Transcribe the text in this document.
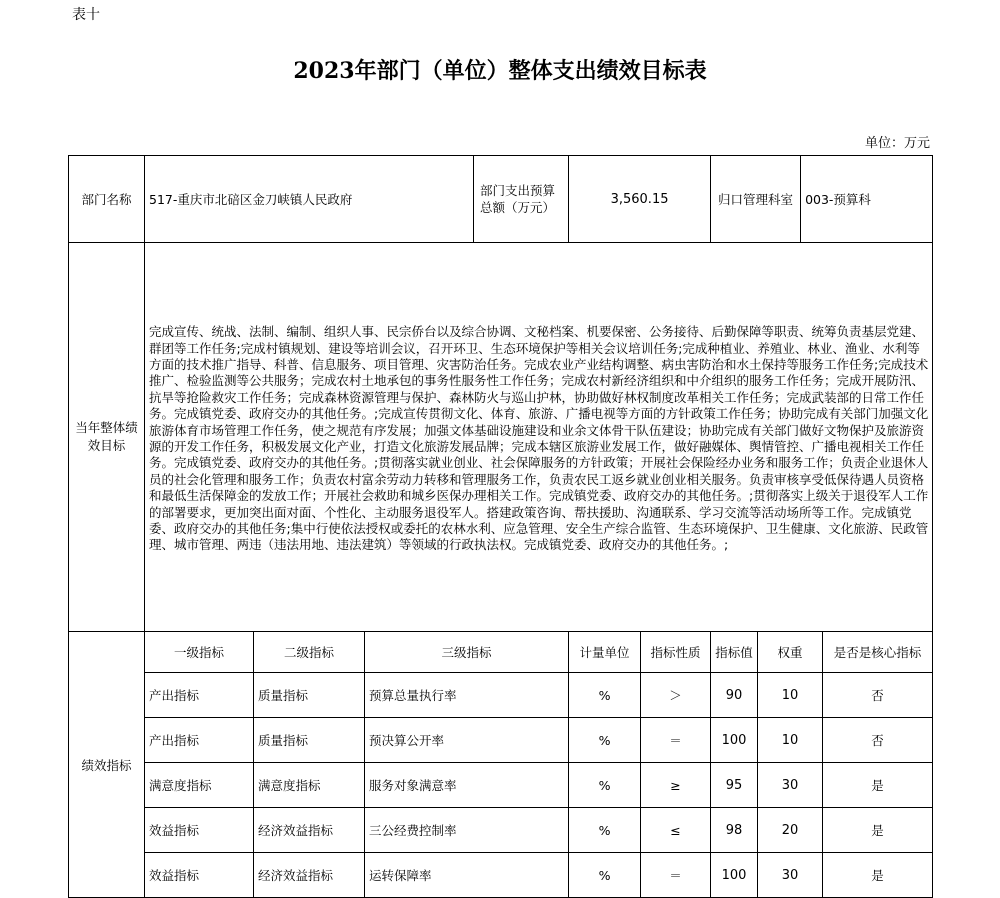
表十
2023年部门（单位）整体支出绩效目标表
单位：万元
部门名称	517-重庆市北碚区金刀峡镇人民政府			部门支出预算总额（万元）	3,560.15		归口管理科室		003-预算科	
当年整体绩效目标	完成宣传、统战、法制、编制、组织人事、民宗侨台以及综合协调、文秘档案、机要保密、公务接待、后勤保障等职责、统筹负责基层党建、群团等工作任务;完成村镇规划、建设等培训会议，召开环卫、生态环境保护等相关会议培训任务;完成种植业、养殖业、林业、渔业、水利等方面的技术推广指导、科普、信息服务、项目管理、灾害防治任务。完成农业产业结构调整、病虫害防治和水土保持等服务工作任务;完成技术推广、检验监测等公共服务；完成农村土地承包的事务性服务性工作任务；完成农村新经济组织和中介组织的服务工作任务；完成开展防汛、抗旱等抢险救灾工作任务；完成森林资源管理与保护、森林防火与巡山护林，协助做好林权制度改革相关工作任务；完成武装部的日常工作任务。完成镇党委、政府交办的其他任务。;完成宣传贯彻文化、体育、旅游、广播电视等方面的方针政策工作任务；协助完成有关部门加强文化旅游体育市场管理工作任务，使之规范有序发展；加强文体基础设施建设和业余文体骨干队伍建设；协助完成有关部门做好文物保护及旅游资源的开发工作任务，积极发展文化产业，打造文化旅游发展品牌；完成本辖区旅游业发展工作，做好融媒体、舆情管控、广播电视相关工作任务。完成镇党委、政府交办的其他任务。;贯彻落实就业创业、社会保障服务的方针政策；开展社会保险经办业务和服务工作；负责企业退休人员的社会化管理和服务工作；负责农村富余劳动力转移和管理服务工作，负责农民工返乡就业创业相关服务。负责审核享受低保待遇人员资格和最低生活保障金的发放工作；开展社会救助和城乡医保办理相关工作。完成镇党委、政府交办的其他任务。;贯彻落实上级关于退役军人工作的部署要求，更加突出面对面、个性化、主动服务退役军人。搭建政策咨询、帮扶援助、沟通联系、学习交流等活动场所等工作。完成镇党委、政府交办的其他任务;集中行使依法授权或委托的农林水利、应急管理、安全生产综合监管、生态环境保护、卫生健康、文化旅游、民政管理、城市管理、两违（违法用地、违法建筑）等领域的行政执法权。完成镇党委、政府交办的其他任务。;									
绩效指标	一级指标	二级指标	三级指标		计量单位	指标性质	指标值	权重		是否是核心指标
	产出指标	质量指标	预算总量执行率		%	＞	90	10		否
	产出指标	质量指标	预决算公开率		%	＝	100	10		否
	满意度指标	满意度指标	服务对象满意率		%	≥	95	30		是
	效益指标	经济效益指标	三公经费控制率		%	≤	98	20		是
	效益指标	经济效益指标	运转保障率		%	＝	100	30		是
